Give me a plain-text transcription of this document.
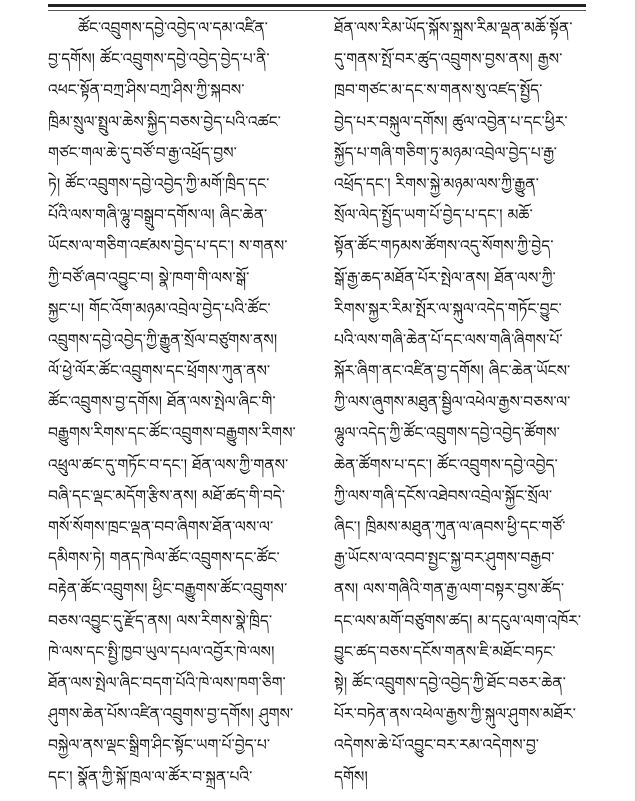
ཚོང་འབྲུགས་དབྱེ་འབྱེད་ལ་དམ་འཛིན་
བྱ་དགོས། ཚོང་འབྲུགས་དབྱེ་འབྱེད་བྱེད་པ་ནི་
འཕང་སྟོན་བཀྲ་ཤིས་བཀྲ་ཤིས་ཀྱི་སྐབས་
ཁྲིམ་སྲུལ་སྤྲུལ་ཆེས་སྐྱིད་བཅས་བྱེད་པའི་འཚང་
གཙང་གལ་ཆེ་དུ་བཙོ་བ་རྒྱ་འཕྲོད་བྱས་
ཏེ། ཚོང་འབྲུགས་དབྱེ་འབྱེད་ཀྱི་མགོ་ཁྲིད་དང་
པོའི་ལས་གཞི་ལྷུ་བསྒྲུབ་དགོས་ལ། ཞིང་ཆེན་
ཡོངས་ལ་གཅིག་འཛམས་བྱེད་པ་དང་། ས་གནས་
ཀྱི་བཙོ་ཞབ་འབྱུང་བ། སྣེ་ཁག་གི་ལས་སྒོ་
སྐྱང་པ། གོང་འོག་མཉམ་འབྲེལ་བྱེད་པའི་ཚོང་
འབྲུགས་དབྱེ་འབྱེད་ཀྱི་རྒྱུན་སྲོལ་བཙུགས་ནས།
ལོ་ཕྱེ་ལོར་ཚོང་འབྲུགས་དང་ཕྲོགས་ཀུན་ནས་
ཚོང་འབྲུགས་བྱ་དགོས། ཐོན་ལས་སྤེལ་ཞིང་གི་
བརྒྱུགས་རིགས་དང་ཚོང་འབྲུགས་བརྒྱུགས་རིགས་
འཕྲུལ་ཚང་དུ་གཏོང་བ་དང་། ཐོན་ལས་ཀྱི་གནས་
བཞི་དང་ལྡང་མདོག་རྩིས་ནས། མཐོ་ཚད་གི་བདེ་
གསོ་སོགས་ཁྲང་ལྡན་བབ་ཞིགས་ཐོན་ལས་ལ་
དམིགས་ཏེ། གནད་ཁེལ་ཚོང་འབྲུགས་དང་ཚོང་
བརྟེན་ཚོང་འབྲུགས། ཕྱིང་བརྒྱུགས་ཚོང་འབྲུགས་
བཅས་འབྱུང་དུ་རྫོད་ནས། ལས་རིགས་སྣེ་ཁྲིད་
ཁེ་ལས་དང་སྤྱི་ཁྱབ་ཡུལ་དཔལ་འབྱོར་ཁེ་ལས།
ཐོན་ལས་སྤེལ་ཞིང་བདག་པོའི་ཁེ་ལས་ཁག་ཅིག་
ཤུགས་ཆེན་པོས་འཛིན་འབྲུགས་བྱ་དགོས། ཤུགས་
བསྐྱེལ་ནས་ལྡང་སྒྲིག་ཤིང་སྟོང་ཡག་པོ་བྱེད་པ་
དང་། སྣོན་ཀྱི་སྐོ་ཁྲལ་ལ་ཚོར་བ་སྐྲན་པའི་
ཐོན་ལས་རིམ་ཡོད་སྐོས་སྐྲས་རིམ་ལྡན་མཆོ་སྟོན་
དུ་གནས་སྤོ་བར་ཚུད་འབྲུགས་བྱས་ནས། རྒྱས་
ཁྲབ་གཙང་མ་དང་ས་གནས་སུ་འཛད་སྤྱོད་
བྱེད་པར་བསྐུལ་དགོས། ཚུལ་འབྱེན་པ་དང་ཕྱིར་
སྐྱོད་པ་གཞི་གཅིག་ཏུ་མཉམ་འབྲེལ་བྱེད་པ་རྒྱ་
འཕྲོད་དང་། རིགས་སྐྱེ་མཉམ་ལས་ཀྱི་རྒྱུན་
སྲོལ་ལེད་སྤྱོད་ཡག་པོ་བྱེད་པ་དང་། མཆོ་
སྟོན་ཚོང་གཏམས་ཚོགས་འདུ་སོགས་ཀྱི་བྱེད་
སྒོ་རྒྱ་ཆད་མཐོན་པོར་སྤེལ་ནས། ཐོན་ལས་ཀྱི་
རིགས་སྐྱར་རིམ་སྤོར་ལ་སྐུལ་འདེད་གཏོང་བྱུང་
པའི་ལས་གཞི་ཆེན་པོ་དང་ལས་གཞི་ཞིགས་པོ་
སྐོར་ཞིག་ནང་འཛིན་བྱ་དགོས། ཞིང་ཆེན་ཡོངས་
ཀྱི་ལས་ཞུགས་མཐུན་སྦྱིལ་འཕེལ་རྒྱས་བཅས་ལ་
ལྷུལ་འདེད་ཀྱི་ཚོང་འབྲུགས་དབྱེ་འབྱེད་ཚོགས་
ཆེན་ཚོགས་པ་དང་། ཚོང་འབྲུགས་དབྱེ་འབྱེད་
ཀྱི་ལས་གཞི་དངོས་འཐེབས་འབྲེལ་སྐྱོང་སྲོལ་
ཞིང་། ཁྲིམས་མཐུན་ཀུན་ལ་ཞབས་ཕྱི་དང་གཙོ་
རྒྱ་ཡོངས་ལ་འབབ་སྤྱང་སྐྱ་བར་ཤུགས་བརྒྱབ་
ནས། ལས་གཞིའི་གན་རྒྱ་ལག་བསྟར་བྱས་ཚོད་
དང་ལས་མགོ་བཙུགས་ཚད། མ་དངུལ་ལག་འཁོར་
བྱུང་ཚད་བཅས་དངོས་གནས་ཇི་མཐོང་བཏང་
སྟེ། ཚོང་འབྲུགས་དབྱེ་འབྱེད་ཀྱི་ཐོང་བཅར་ཆེན་
པོར་བཏེན་ནས་འཕེལ་རྒྱས་ཀྱི་སྐུལ་ཤུགས་མཐོར་
འདེགས་ཆེ་པོ་འབྱུང་བར་རམ་འདེགས་བྱ་
དགོས།
